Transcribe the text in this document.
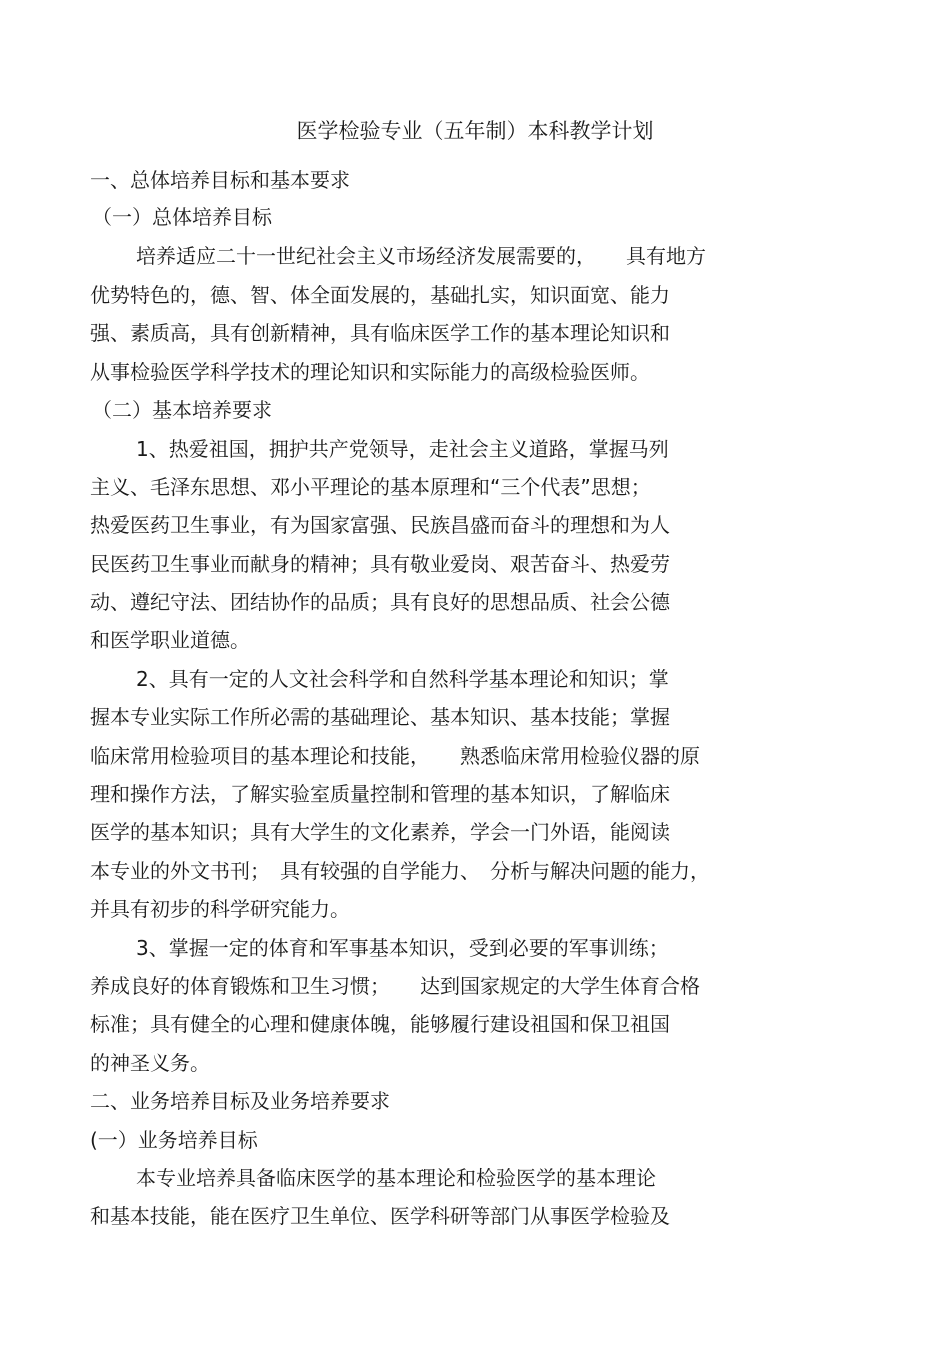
医学检验专业（五年制）本科教学计划
一、总体培养目标和基本要求
（一）总体培养目标
培养适应二十一世纪社会主义市场经济发展需要的，　　具有地方
优势特色的，德、智、体全面发展的，基础扎实，知识面宽、能力
强、素质高，具有创新精神，具有临床医学工作的基本理论知识和
从事检验医学科学技术的理论知识和实际能力的高级检验医师。
（二）基本培养要求
1、热爱祖国，拥护共产党领导，走社会主义道路，掌握马列
主义、毛泽东思想、邓小平理论的基本原理和“三个代表”思想；
热爱医药卫生事业，有为国家富强、民族昌盛而奋斗的理想和为人
民医药卫生事业而献身的精神；具有敬业爱岗、艰苦奋斗、热爱劳
动、遵纪守法、团结协作的品质；具有良好的思想品质、社会公德
和医学职业道德。
2、具有一定的人文社会科学和自然科学基本理论和知识；掌
握本专业实际工作所必需的基础理论、基本知识、基本技能；掌握
临床常用检验项目的基本理论和技能，　　熟悉临床常用检验仪器的原
理和操作方法，了解实验室质量控制和管理的基本知识，了解临床
医学的基本知识；具有大学生的文化素养，学会一门外语，能阅读
本专业的外文书刊；　具有较强的自学能力、　分析与解决问题的能力，
并具有初步的科学研究能力。
3、掌握一定的体育和军事基本知识，受到必要的军事训练；
养成良好的体育锻炼和卫生习惯；　　达到国家规定的大学生体育合格
标准；具有健全的心理和健康体魄，能够履行建设祖国和保卫祖国
的神圣义务。
二、业务培养目标及业务培养要求
(一）业务培养目标
本专业培养具备临床医学的基本理论和检验医学的基本理论
和基本技能，能在医疗卫生单位、医学科研等部门从事医学检验及
